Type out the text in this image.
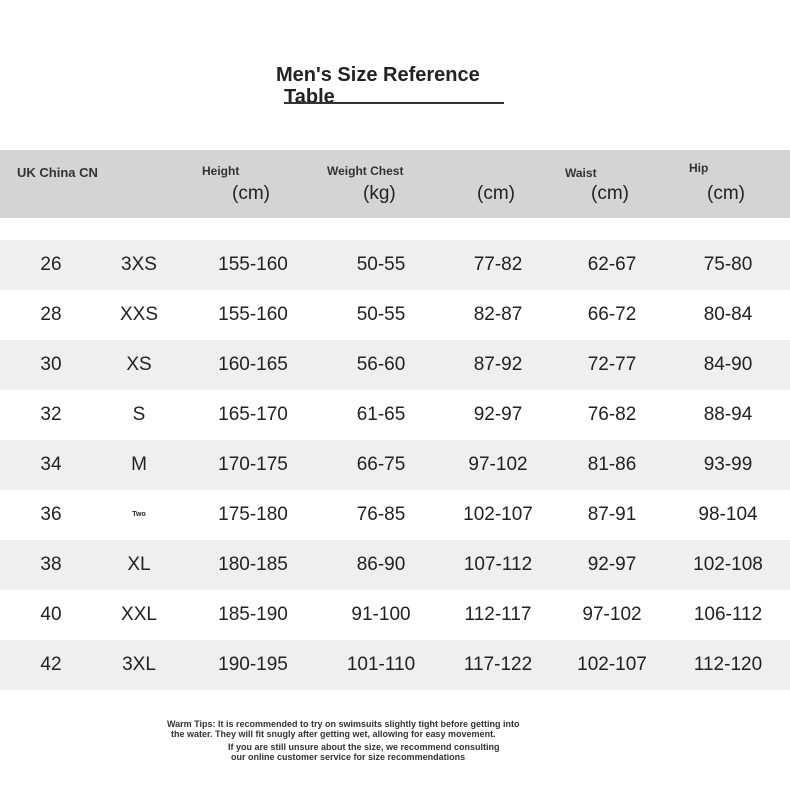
Men's Size Reference
Table
UK China CN	Height	Weight Chest	Waist	Hip
(cm)	(kg)	(cm)	(cm)	(cm)
26	3XS	155-160	50-55	77-82	62-67	75-80
28	XXS	155-160	50-55	82-87	66-72	80-84
30	XS	160-165	56-60	87-92	72-77	84-90
32	S	165-170	61-65	92-97	76-82	88-94
34	M	170-175	66-75	97-102	81-86	93-99
36	Two	175-180	76-85	102-107	87-91	98-104
38	XL	180-185	86-90	107-112	92-97	102-108
40	XXL	185-190	91-100	112-117	97-102	106-112
42	3XL	190-195	101-110	117-122 102-107 112-120
Warm Tips: It is recommended to try on swimsuits slightly tight before getting into
the water. They will fit snugly after getting wet, allowing for easy movement.
If you are still unsure about the size, we recommend consulting
our online customer service for size recommendations
